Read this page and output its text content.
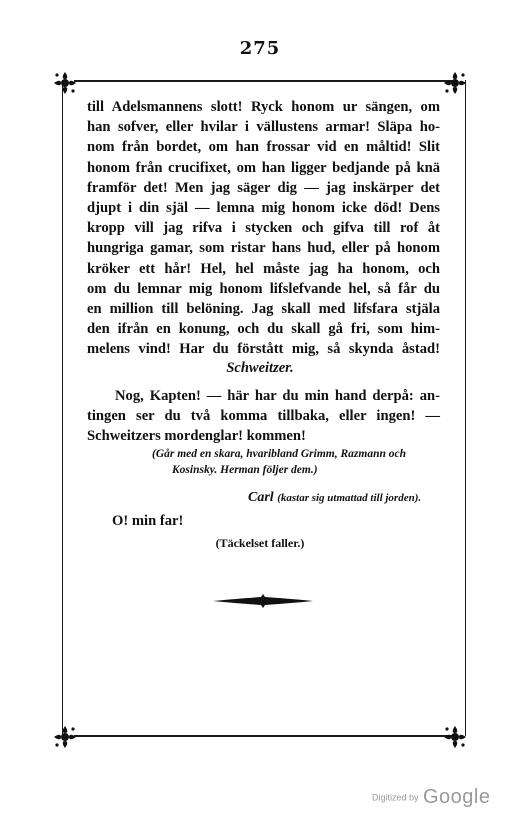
275
till Adelsmannens slott! Ryck honom ur sängen, om
han sofver, eller hvilar i vällustens armar! Släpa ho-
nom från bordet, om han frossar vid en måltid! Slit
honom från crucifixet, om han ligger bedjande på knä
framför det! Men jag säger dig — jag inskärper det
djupt i din själ — lemna mig honom icke död! Dens
kropp vill jag rifva i stycken och gifva till rof åt
hungriga gamar, som ristar hans hud, eller på honom
kröker ett hår! Hel, hel måste jag ha honom, och
om du lemnar mig honom lifslefvande hel, så får du
en million till belöning. Jag skall med lifsfara stjäla
den ifrån en konung, och du skall gå fri, som him-
melens vind! Har du förstått mig, så skynda åstad!
Schweitzer.
Nog, Kapten! — här har du min hand derpå: an-
tingen ser du två komma tillbaka, eller ingen! —
Schweitzers mordenglar! kommen!
(Går med en skara, hvaribland Grimm, Razmann och
Kosinsky. Herman följer dem.)
Carl (kastar sig utmattad till jorden).
O! min far!
(Täckelset faller.)
Digitized by Google
